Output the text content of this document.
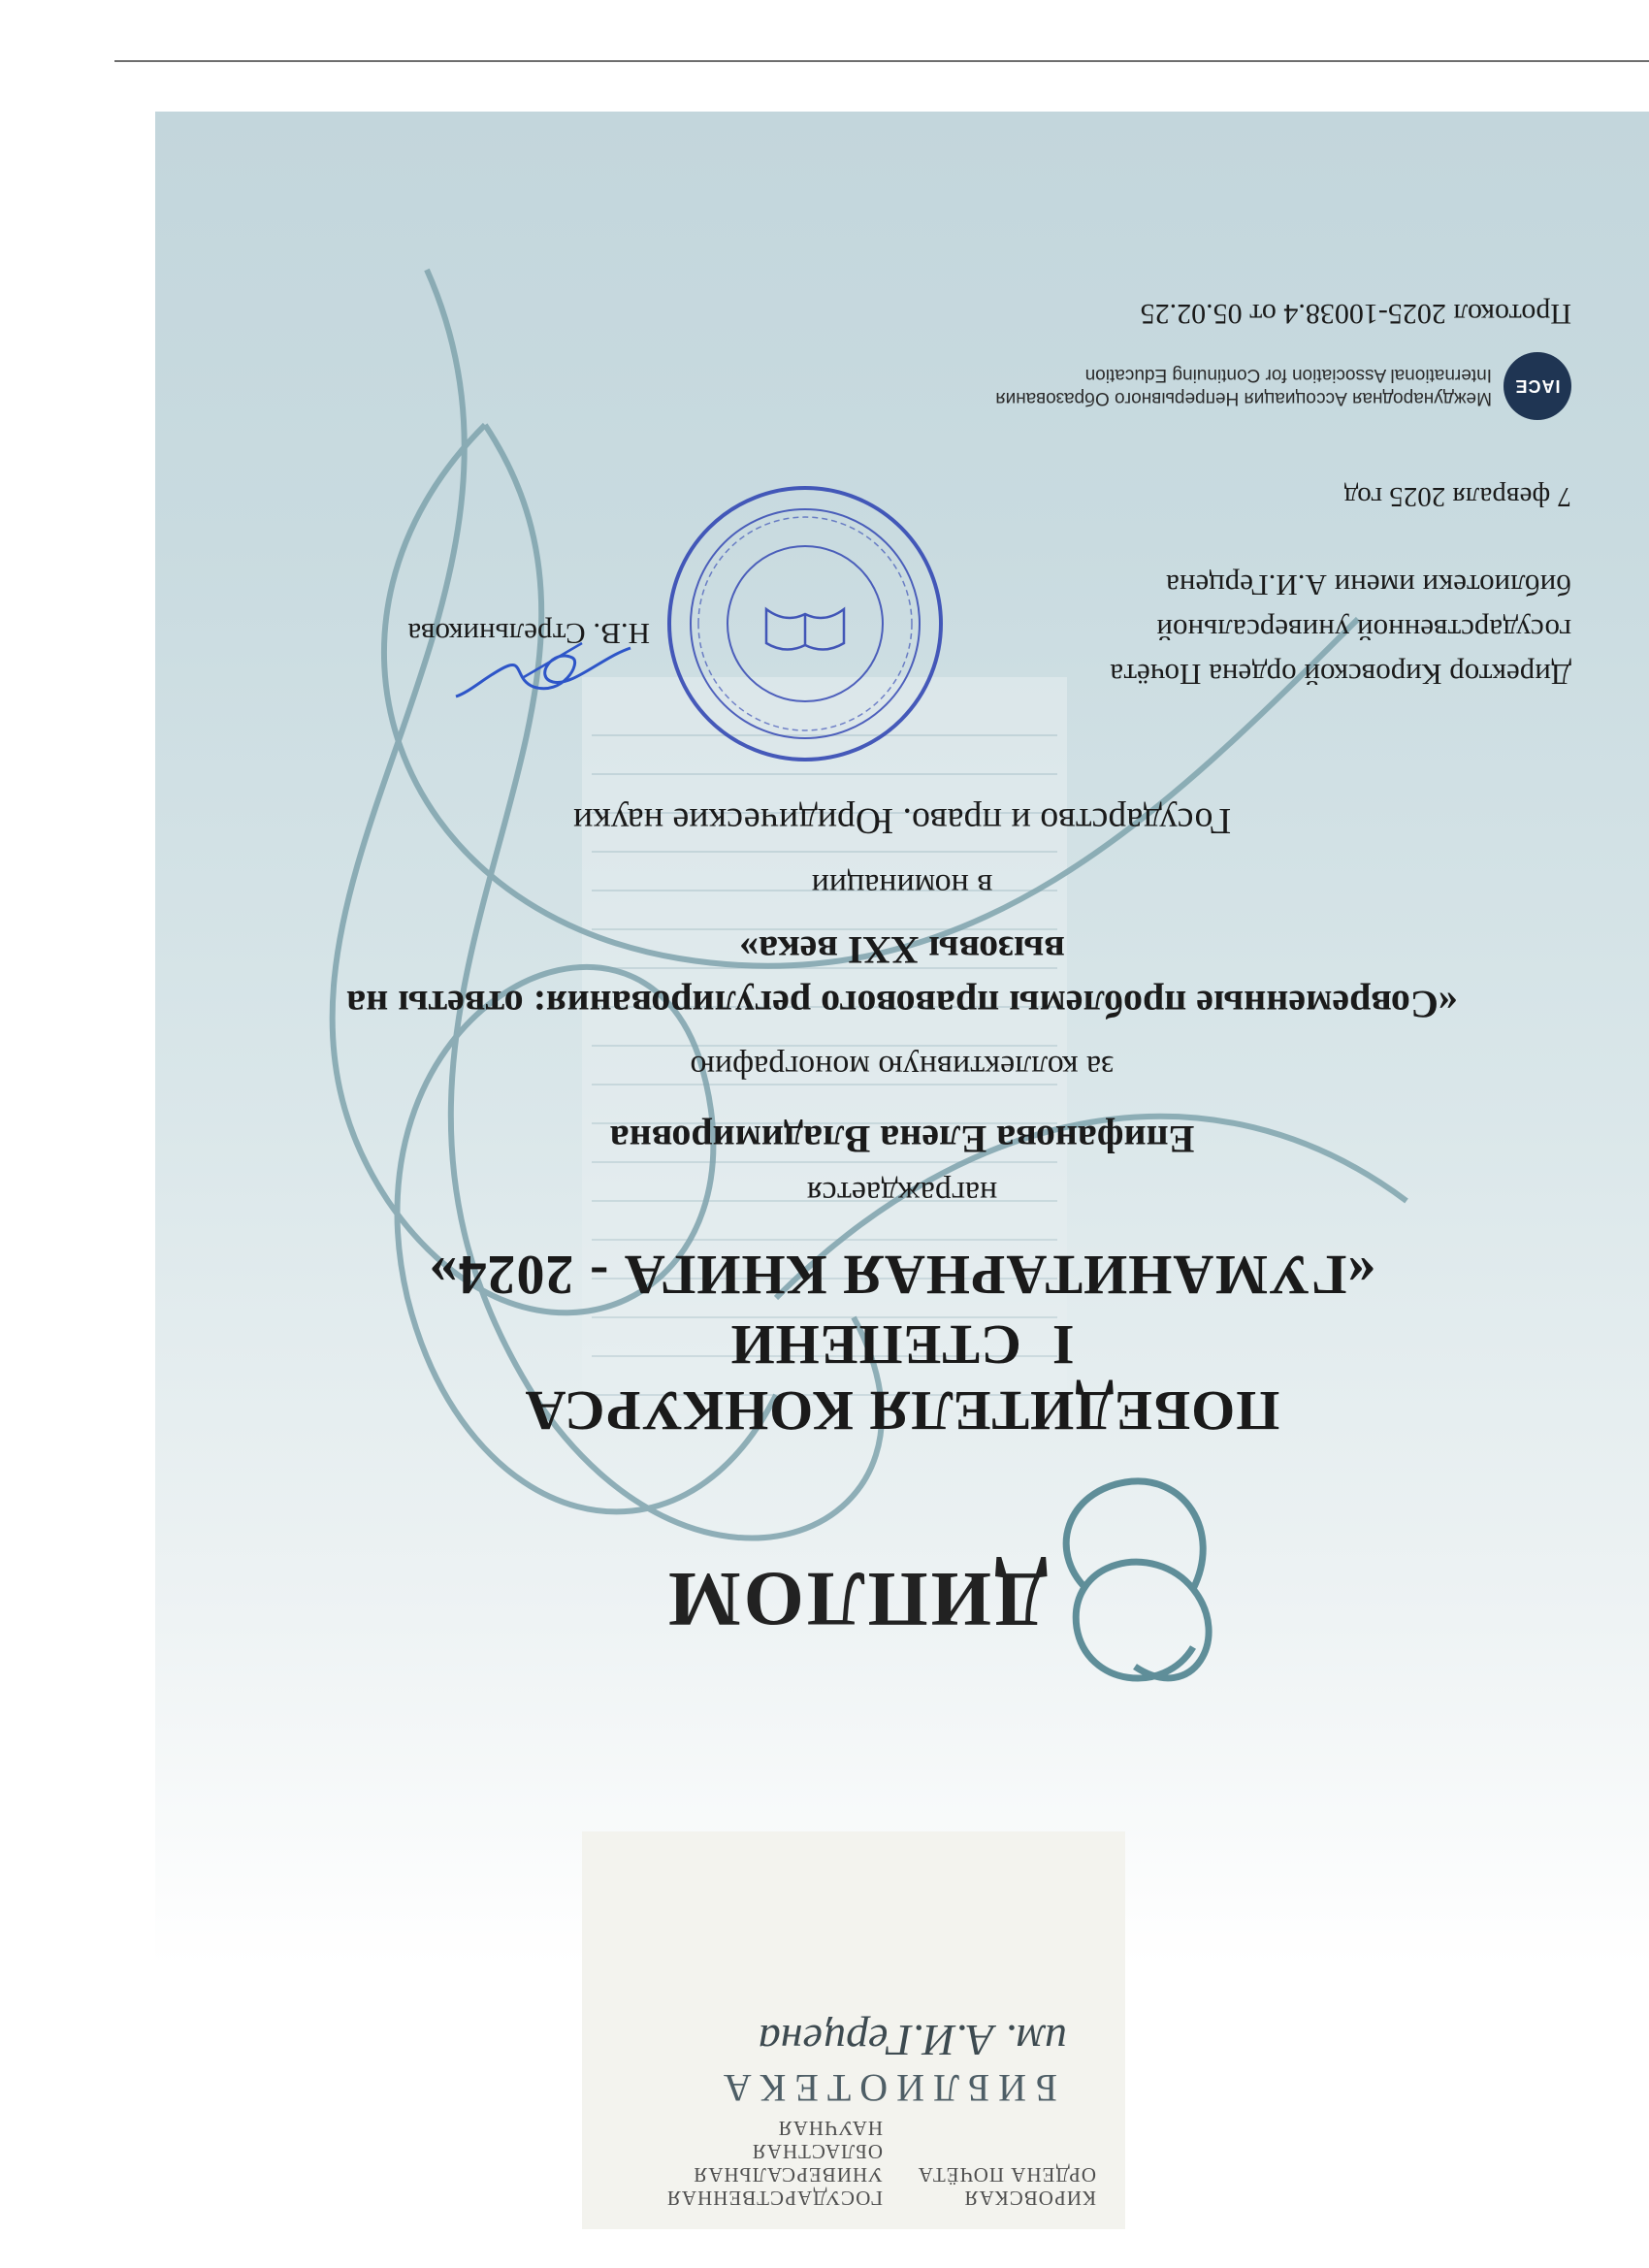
КИРОВСКАЯ
ГОСУДАРСТВЕННАЯ
ОРДЕНА ПОЧЁТА
УНИВЕРСАЛЬНАЯ
ОБЛАСТНАЯ
НАУЧНАЯ
БИБЛИОТЕКА
им. А.И.Герцена
ДИПЛОМ
ПОБЕДИТЕЛЯ КОНКУРСА
I  СТЕПЕНИ
«ГУМАНИТАРНАЯ КНИГА - 2024»
награждается
Епифанова Елена Владимировна
за коллективную монографию
«Современные проблемы правового регулирования: ответы на
вызовы XXI века»
в номинации
Государство и право. Юридические науки
Директор Кировской ордена Почёта
государственной универсальной
библиотеки имени А.И.Герцена
Н.В. Стрельникова
7 февраля 2025 год
IACE
Международная Ассоциация Непрерывного Образования
International Association for Continuing Education
Протокол 2025-10038.4 от 05.02.25
